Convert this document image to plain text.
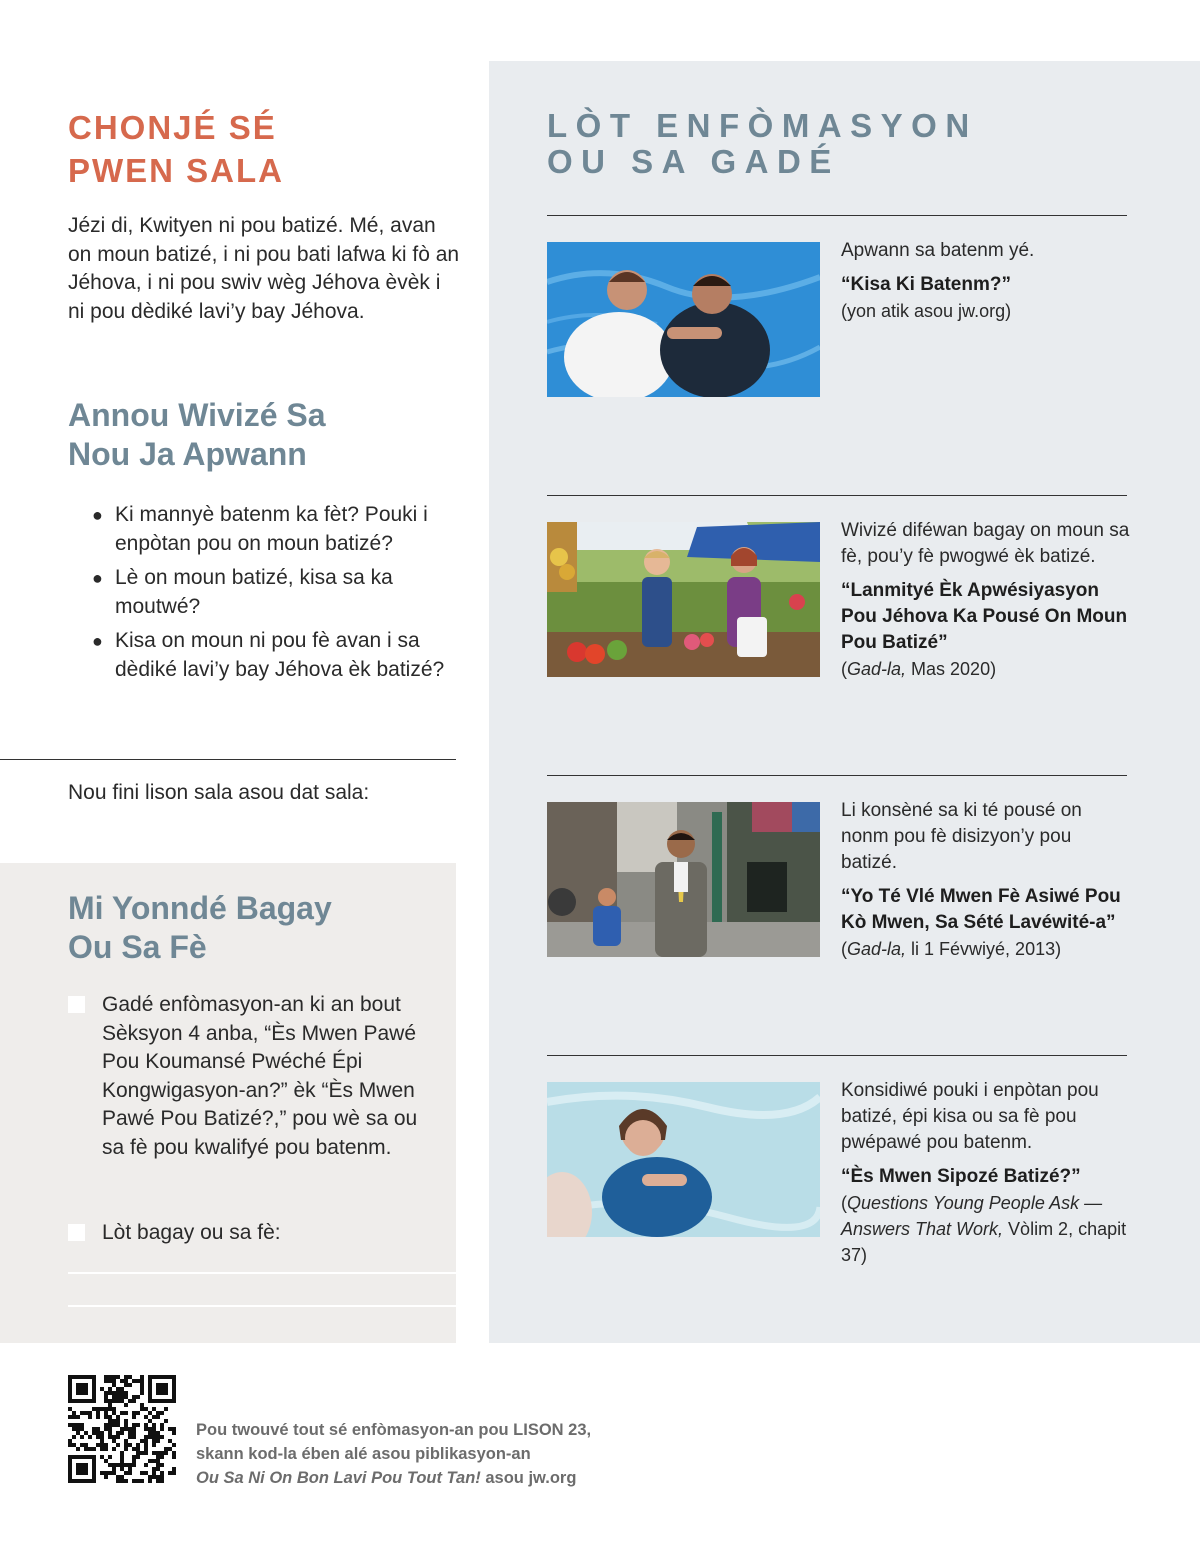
CHONJÉ SÉ
PWEN SALA

Jézi di, Kwityen ni pou batizé. Mé, avan on moun batizé, i ni pou bati lafwa ki fò an Jéhova, i ni pou swiv wèg Jéhova èvèk i ni pou dèdiké lavi’y bay Jéhova.

Annou Wivizé Sa
Nou Ja Apwann
● Ki mannyè batenm ka fèt? Pouki i enpòtan pou on moun batizé?
● Lè on moun batizé, kisa sa ka moutwé?
● Kisa on moun ni pou fè avan i sa dèdiké lavi’y bay Jéhova èk batizé?

Nou fini lison sala asou dat sala:

Mi Yonndé Bagay
Ou Sa Fè

Gadé enfòmasyon-an ki an bout Sèksyon 4 anba, “Ès Mwen Pawé Pou Koumansé Pwéché Épi Kongwigasyon-an?” èk “Ès Mwen Pawé Pou Batizé?,” pou wè sa ou sa fè pou kwalifyé pou batenm.

Lòt bagay ou sa fè:

LÒT ENFÒMASYON
OU SA GADÉ

Apwann sa batenm yé.

“Kisa Ki Batenm?”

(yon atik asou jw.org)

Wivizé diféwan bagay on moun sa fè, pou’y fè pwogwé èk batizé.

“Lanmityé Èk Apwésiyasyon Pou Jéhova Ka Pousé On Moun Pou Batizé”

(Gad-la, Mas 2020)

Li konsèné sa ki té pousé on nonm pou fè disizyon’y pou batizé.

“Yo Té Vlé Mwen Fè Asiwé Pou Kò Mwen, Sa Sété Lavéwité-a”

(Gad-la, li 1 Févwiyé, 2013)

Konsidiwé pouki i enpòtan pou batizé, épi kisa ou sa fè pou pwépawé pou batenm.

“Ès Mwen Sipozé Batizé?”

(Questions Young People Ask —Answers That Work, Vòlim 2, chapit 37)

Pou twouvé tout sé enfòmasyon-an pou LISON 23,

skann kod-la ében alé asou piblikasyon-an

Ou Sa Ni On Bon Lavi Pou Tout Tan! asou jw.org
